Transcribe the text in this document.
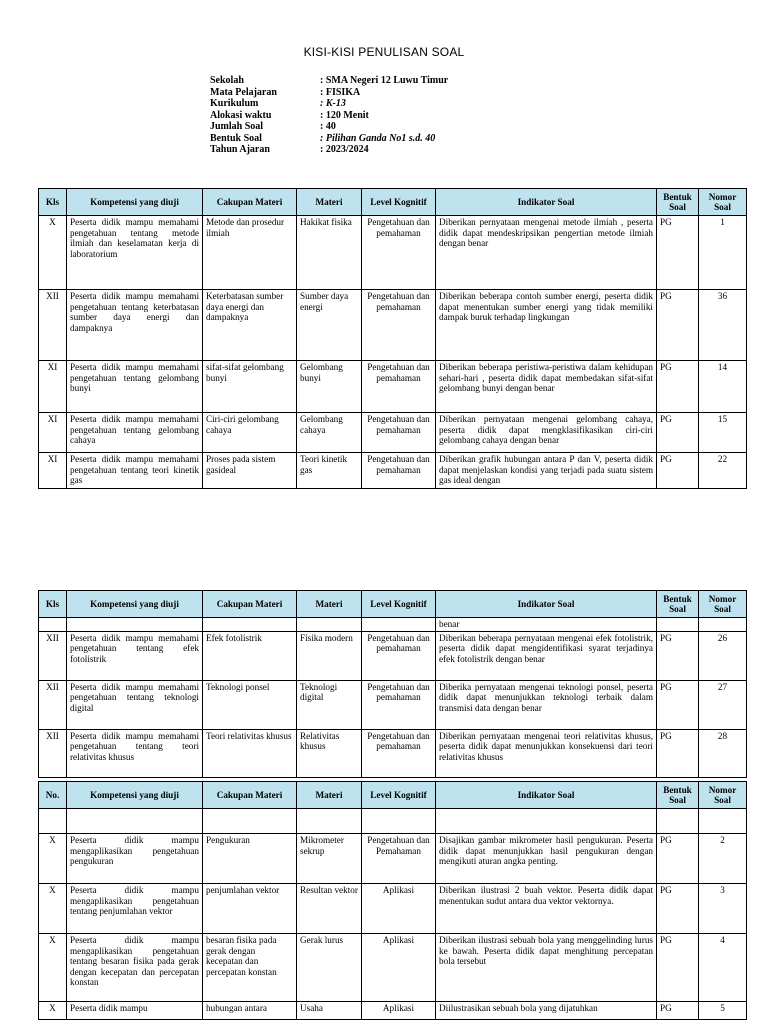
KISI-KISI PENULISAN SOAL
Sekolah	: SMA Negeri 12 Luwu Timur
Mata Pelajaran	: FISIKA
Kurikulum	: K-13
Alokasi waktu	: 120 Menit
Jumlah Soal	: 40
Bentuk Soal	: Pilihan Ganda No1 s.d. 40
Tahun Ajaran	: 2023/2024
Kls	Kompetensi yang diuji	Cakupan Materi	Materi	Level Kognitif	Indikator Soal	Bentuk Soal	Nomor Soal
X	Peserta didik mampu memahami pengetahuan tentang metode ilmiah dan keselamatan kerja di laboratorium	Metode dan prosedur ilmiah	Hakikat fisika	Pengetahuan dan pemahaman	Diberikan pernyataan mengenai metode ilmiah , peserta didik dapat mendeskripsikan pengertian metode ilmiah dengan benar	PG	1
XII	Peserta didik mampu memahami pengetahuan tentang keterbatasan sumber daya energi dan dampaknya	Keterbatasan sumber daya energi dan dampaknya	Sumber daya energi	Pengetahuan dan pemahaman	Diberikan beberapa contoh sumber energi, peserta didik dapat menentukan sumber energi yang tidak memiliki dampak buruk terhadap lingkungan	PG	36
XI	Peserta didik mampu memahami pengetahuan tentang gelombang bunyi	sifat-sifat gelombang bunyi	Gelombang bunyi	Pengetahuan dan pemahaman	Diberikan beberapa peristiwa-peristiwa dalam kehidupan sehari-hari , peserta didik dapat membedakan sifat-sifat gelombang bunyi dengan benar	PG	14
XI	Peserta didik mampu memahami pengetahuan tentang gelombang cahaya	Ciri-ciri gelombang cahaya	Gelombang cahaya	Pengetahuan dan pemahaman	Diberikan pernyataan mengenai gelombang cahaya, peserta didik dapat mengklasifikasikan ciri-ciri gelombang cahaya dengan benar	PG	15
XI	Peserta didik mampu memahami pengetahuan tentang teori kinetik gas	Proses pada sistem gasideal	Teori kinetik gas	Pengetahuan dan pemahaman	Diberikan grafik hubungan antara P dan V, peserta didik dapat menjelaskan kondisi yang terjadi pada suatu sistem gas ideal dengan	PG	22
Kls	Kompetensi yang diuji	Cakupan Materi	Materi	Level Kognitif	Indikator Soal	Bentuk Soal	Nomor Soal
					benar		
XII	Peserta didik mampu memahami pengetahuan tentang efek fotolistrik	Efek fotolistrik	Fisika modern	Pengetahuan dan pemahaman	Diberikan beberapa pernyataan mengenai efek fotolistrik, peserta didik dapat mengidentifikasi syarat terjadinya efek fotolistrik dengan benar	PG	26
XII	Peserta didik mampu memahami pengetahuan tentang teknologi digital	Teknologi ponsel	Teknologi digital	Pengetahuan dan pemahaman	Diberika pernyataan mengenai teknologi ponsel, peserta didik dapat menunjukkan teknologi terbaik dalam transmisi data dengan benar	PG	27
XII	Peserta didik mampu memahami pengetahuan tentang teori relativitas khusus	Teori relativitas khusus	Relativitas khusus	Pengetahuan dan pemahaman	Diberikan pernyataan mengenai teori relativitas khusus, peserta didik dapat menunjukkan konsekuensi dari teori relativitas khusus	PG	28
No.	Kompetensi yang diuji	Cakupan Materi	Materi	Level Kognitif	Indikator Soal	Bentuk Soal	Nomor Soal

X	Peserta didik mampu mengaplikasikan pengetahuan pengukuran	Pengukuran	Mikrometer sekrup	Pengetahuan dan Pemahaman	Disajikan gambar mikrometer hasil pengukuran. Peserta didik dapat menunjukkan hasil pengukuran dengan mengikuti aturan angka penting.	PG	2
X	Peserta didik mampu mengaplikasikan pengetahuan tentang penjumlahan vektor	penjumlahan vektor	Resultan vektor	Aplikasi	Diberikan ilustrasi 2 buah vektor. Peserta didik dapat menentukan sudut antara dua vektor vektornya.	PG	3
X	Peserta didik mampu mengaplikasikan pengetahuan tentang besaran fisika pada gerak dengan kecepatan dan percepatan konstan	besaran fisika pada gerak dengan kecepatan dan percepatan konstan	Gerak lurus	Aplikasi	Diberikan ilustrasi sebuah bola yang menggelinding lurus ke bawah. Peserta didik dapat menghitung percepatan bola tersebut	PG	4
X	Peserta didik mampu	hubungan antara	Usaha	Aplikasi	Diilustrasikan sebuah bola yang dijatuhkan	PG	5
